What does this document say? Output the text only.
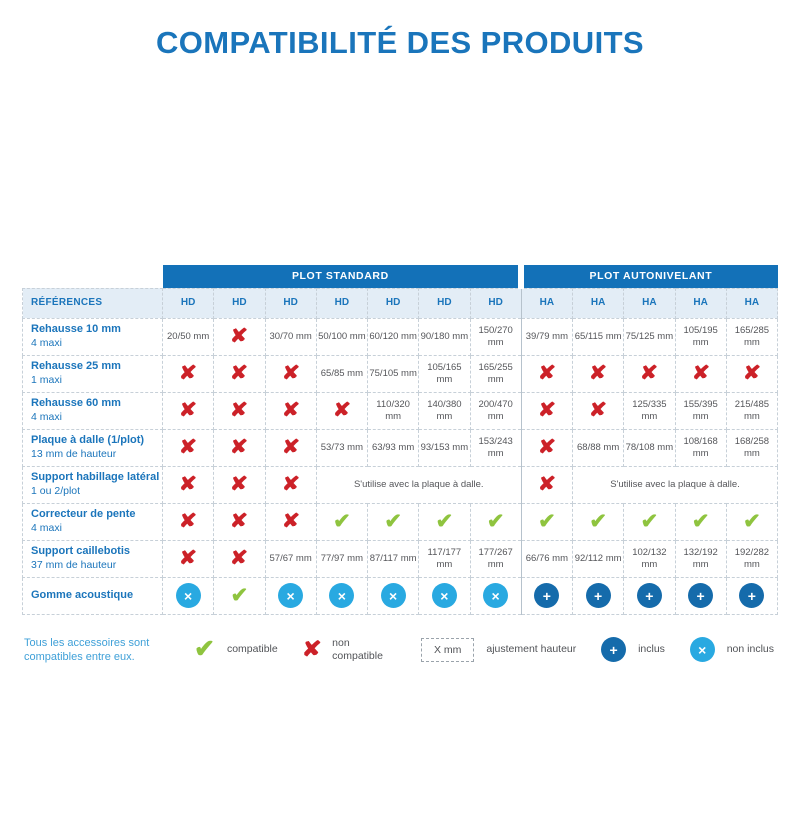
COMPATIBILITÉ DES PRODUITS
	PLOT STANDARD							PLOT AUTONIVELANT				
RÉFÉRENCES	HD	HD	HD	HD	HD	HD	HD	HA	HA	HA	HA	HA

Rehausse 10 mm
4 maxi	20/50 mm	✘	30/70 mm	50/100 mm	60/120 mm	90/180 mm	150/270 mm	39/79 mm	65/115 mm	75/125 mm	105/195 mm	165/285 mm

Rehausse 25 mm
1 maxi	✘	✘	✘	65/85 mm	75/105 mm	105/165 mm	165/255 mm	✘	✘	✘	✘	✘

Rehausse 60 mm
4 maxi	✘	✘	✘	✘	110/320 mm	140/380 mm	200/470 mm	✘	✘	125/335 mm	155/395 mm	215/485 mm

Plaque à dalle (1/plot)
13 mm de hauteur	✘	✘	✘	53/73 mm	63/93 mm	93/153 mm	153/243 mm	✘	68/88 mm	78/108 mm	108/168 mm	168/258 mm

Support habillage latéral
1 ou 2/plot	✘	✘	✘	S'utilise avec la plaque à dalle.				✘	S'utilise avec la plaque à dalle.			

Correcteur de pente
4 maxi	✘	✘	✘	✔	✔	✔	✔	✔	✔	✔	✔	✔

Support caillebotis
37 mm de hauteur	✘	✘	57/67 mm	77/97 mm	87/117 mm	117/177 mm	177/267 mm	66/76 mm	92/112 mm	102/132 mm	132/192 mm	192/282 mm

Gomme acoustique	×	✔	×	×	×	×	×	+	+	+	+	+
Tous les accessoires sont compatibles entre eux.	✔ compatible ✘ non compatible	X mm	ajustement hauteur	+	inclus	×	non inclus
